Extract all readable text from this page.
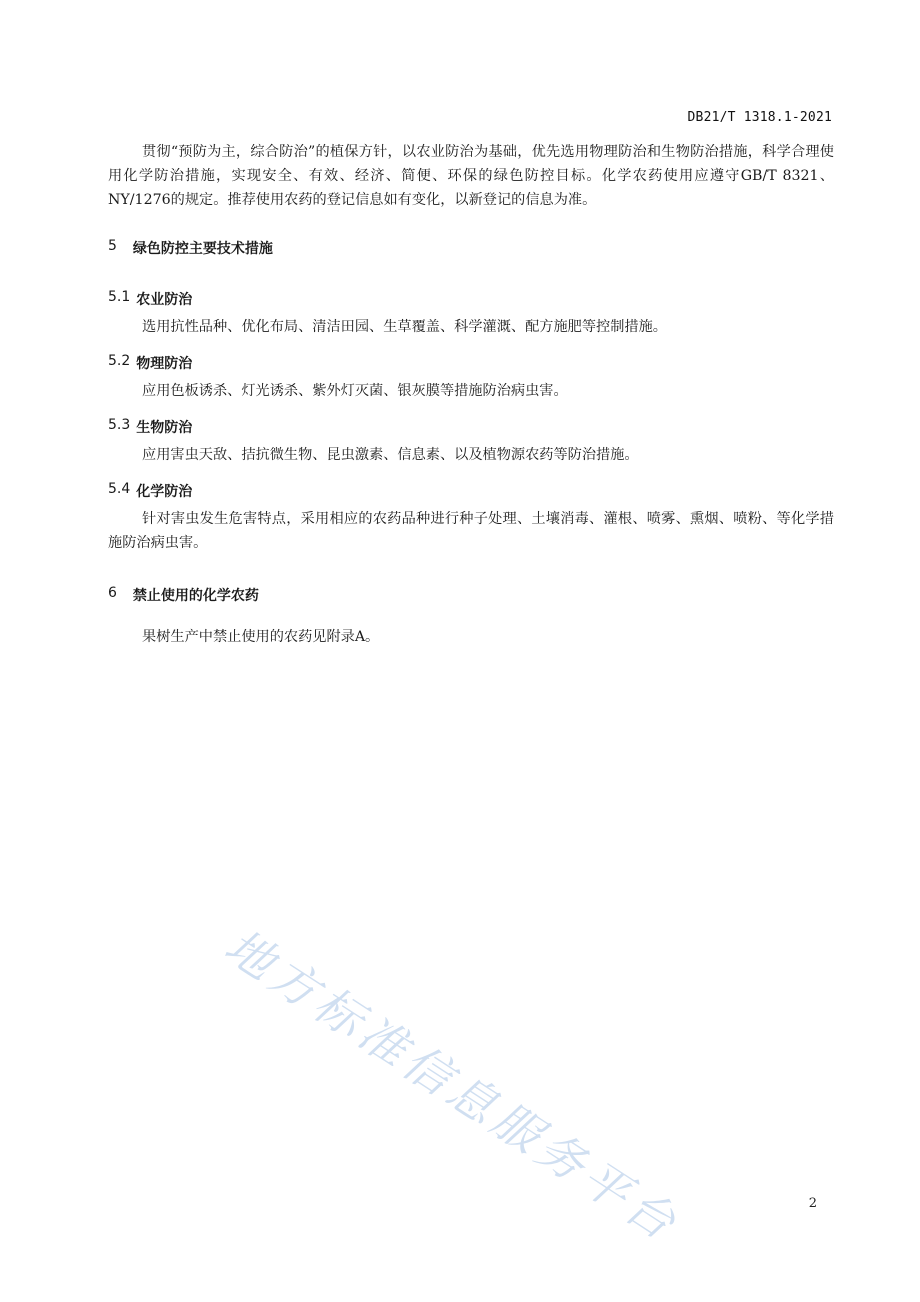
DB21/T 1318.1-2021

贯彻“预防为主，综合防治”的植保方针，以农业防治为基础，优先选用物理防治和生物防治措施，科学合理使用化学防治措施，实现安全、有效、经济、简便、环保的绿色防控目标。化学农药使用应遵守GB/T 8321、NY/1276的规定。推荐使用农药的登记信息如有变化，以新登记的信息为准。

5 绿色防控主要技术措施
5.1 农业防治

选用抗性品种、优化布局、清洁田园、生草覆盖、科学灌溉、配方施肥等控制措施。

5.2 物理防治

应用色板诱杀、灯光诱杀、紫外灯灭菌、银灰膜等措施防治病虫害。

5.3 生物防治

应用害虫天敌、拮抗微生物、昆虫激素、信息素、以及植物源农药等防治措施。

5.4 化学防治

针对害虫发生危害特点，采用相应的农药品种进行种子处理、土壤消毒、灌根、喷雾、熏烟、喷粉、等化学措施防治病虫害。

6 禁止使用的化学农药

果树生产中禁止使用的农药见附录A。

地方标准信息服务平台	2
